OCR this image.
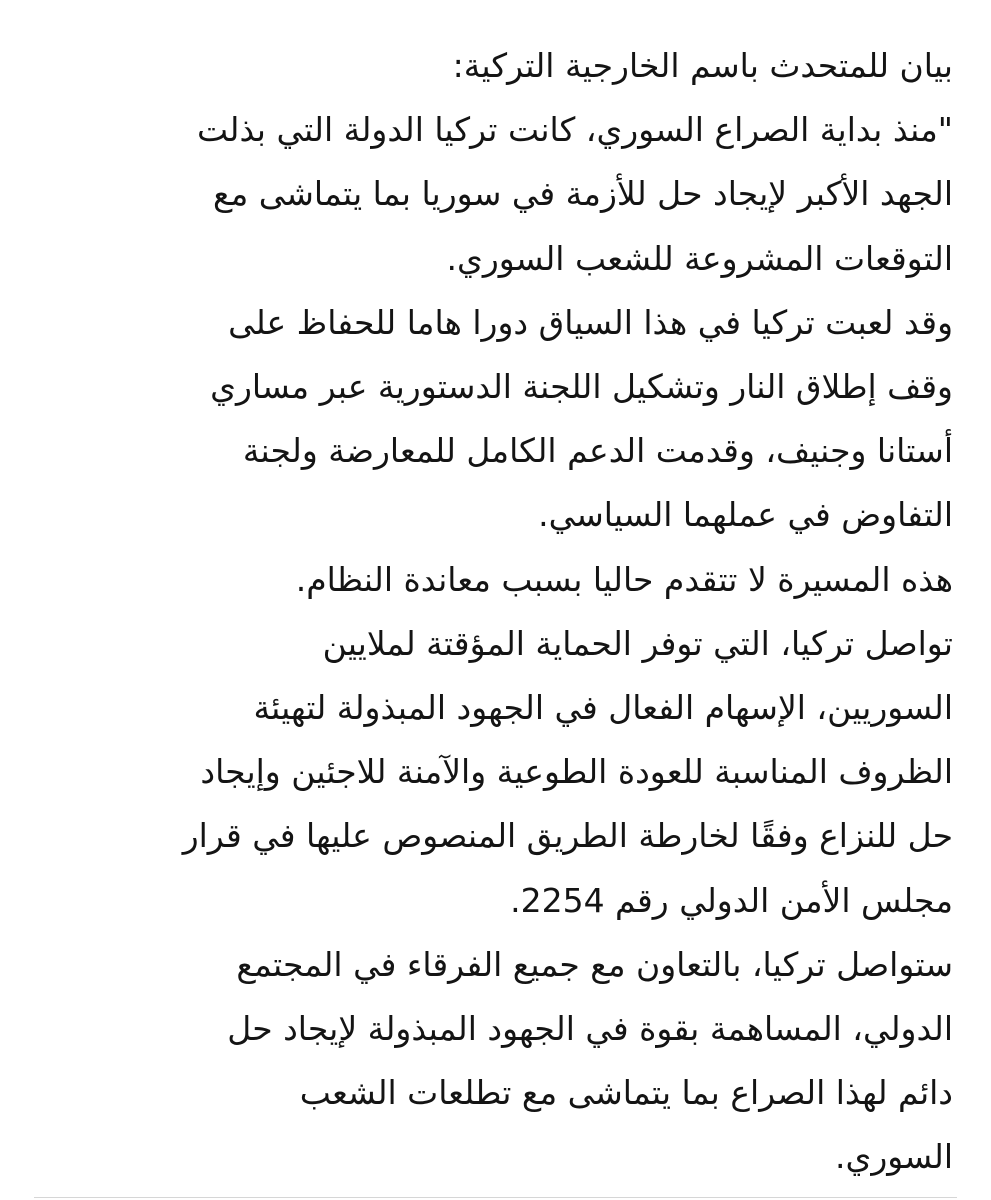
بيان للمتحدث باسم الخارجية التركية:
"منذ بداية الصراع السوري، كانت تركيا الدولة التي بذلت
الجهد الأكبر لإيجاد حل للأزمة في سوريا بما يتماشى مع
التوقعات المشروعة للشعب السوري.
وقد لعبت تركيا في هذا السياق دورا هاما للحفاظ على
وقف إطلاق النار وتشكيل اللجنة الدستورية عبر مساري
أستانا وجنيف، وقدمت الدعم الكامل للمعارضة ولجنة
التفاوض في عملهما السياسي.
هذه المسيرة لا تتقدم حاليا بسبب معاندة النظام.
تواصل تركيا، التي توفر الحماية المؤقتة لملايين
السوريين، الإسهام الفعال في الجهود المبذولة لتهيئة
الظروف المناسبة للعودة الطوعية والآمنة للاجئين وإيجاد
حل للنزاع وفقًا لخارطة الطريق المنصوص عليها في قرار
مجلس الأمن الدولي رقم 2254.
ستواصل تركيا، بالتعاون مع جميع الفرقاء في المجتمع
الدولي، المساهمة بقوة في الجهود المبذولة لإيجاد حل
دائم لهذا الصراع بما يتماشى مع تطلعات الشعب
السوري.
